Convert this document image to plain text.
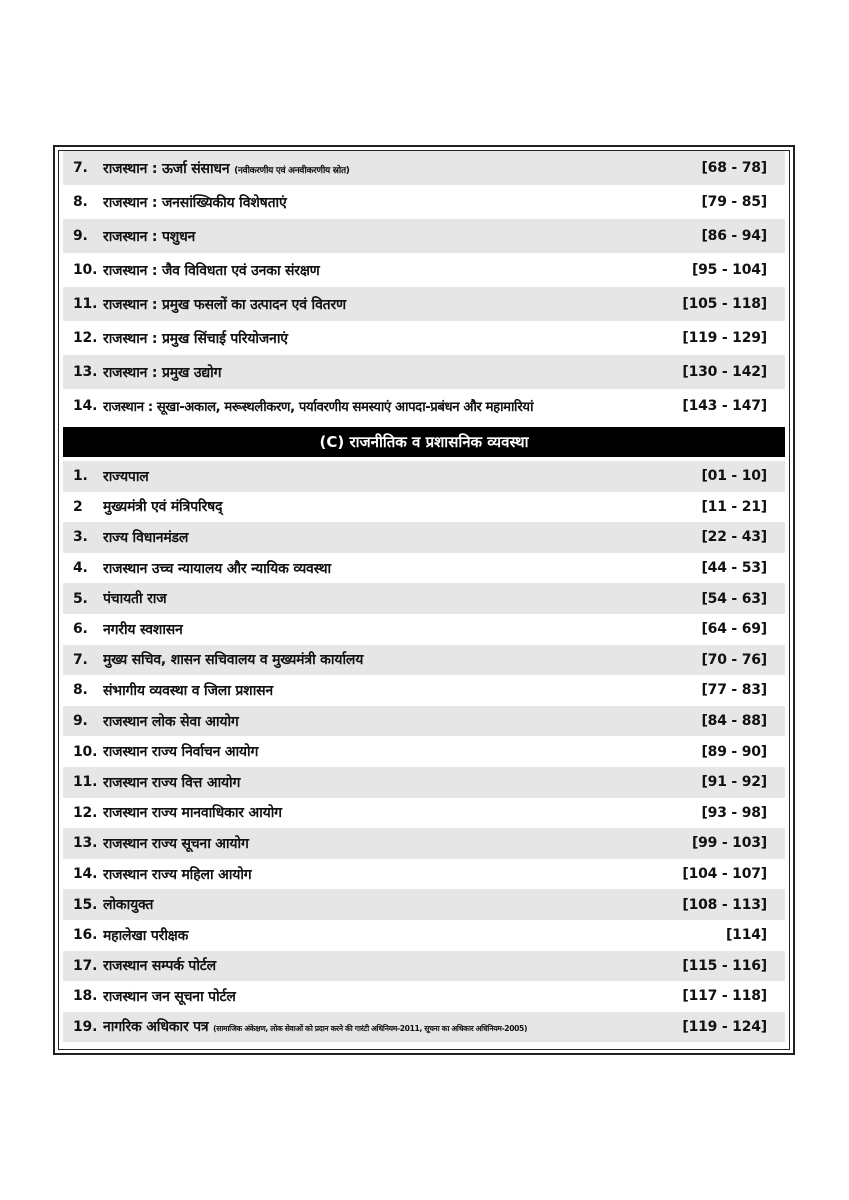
7.	राजस्थान : ऊर्जा संसाधन (नवीकरणीय एवं अनवीकरणीय स्रोत)	[68 - 78]
8.	राजस्थान : जनसांख्यिकीय विशेषताएं	[79 - 85]
9.	राजस्थान : पशुधन	[86 - 94]
10. राजस्थान : जैव विविधता एवं उनका संरक्षण	[95 - 104]
11. राजस्थान : प्रमुख फसलों का उत्पादन एवं वितरण	[105 - 118]
12. राजस्थान : प्रमुख सिंचाई परियोजनाएं	[119 - 129]
13. राजस्थान : प्रमुख उद्योग	[130 - 142]
14. राजस्थान : सूखा-अकाल, मरूस्थलीकरण, पर्यावरणीय समस्याएं आपदा-प्रबंधन और महामारियां	[143 - 147]
(C) राजनीतिक व प्रशासनिक व्यवस्था
1.	राज्यपाल	[01 - 10]
2	मुख्यमंत्री एवं मंत्रिपरिषद्	[11 - 21]
3.	राज्य विधानमंडल	[22 - 43]
4.	राजस्थान उच्च न्यायालय और न्यायिक व्यवस्था	[44 - 53]
5.	पंचायती राज	[54 - 63]
6.	नगरीय स्वशासन	[64 - 69]
7.	मुख्य सचिव, शासन सचिवालय व मुख्यमंत्री कार्यालय	[70 - 76]
8.	संभागीय व्यवस्था व जिला प्रशासन	[77 - 83]
9.	राजस्थान लोक सेवा आयोग	[84 - 88]
10. राजस्थान राज्य निर्वाचन आयोग	[89 - 90]
11. राजस्थान राज्य वित्त आयोग	[91 - 92]
12. राजस्थान राज्य मानवाधिकार आयोग	[93 - 98]
13. राजस्थान राज्य सूचना आयोग	[99 - 103]
14. राजस्थान राज्य महिला आयोग	[104 - 107]
15. लोकायुक्त	[108 - 113]
16. महालेखा परीक्षक	[114]
17. राजस्थान सम्पर्क पोर्टल	[115 - 116]
18. राजस्थान जन सूचना पोर्टल	[117 - 118]
19. नागरिक अधिकार पत्र (सामाजिक अंकेक्षण, लोक सेवाओं को प्रदान करने की गारंटी अधिनियम-2011, सूचना का अधिकार अधिनियम-2005)	[119 - 124]
